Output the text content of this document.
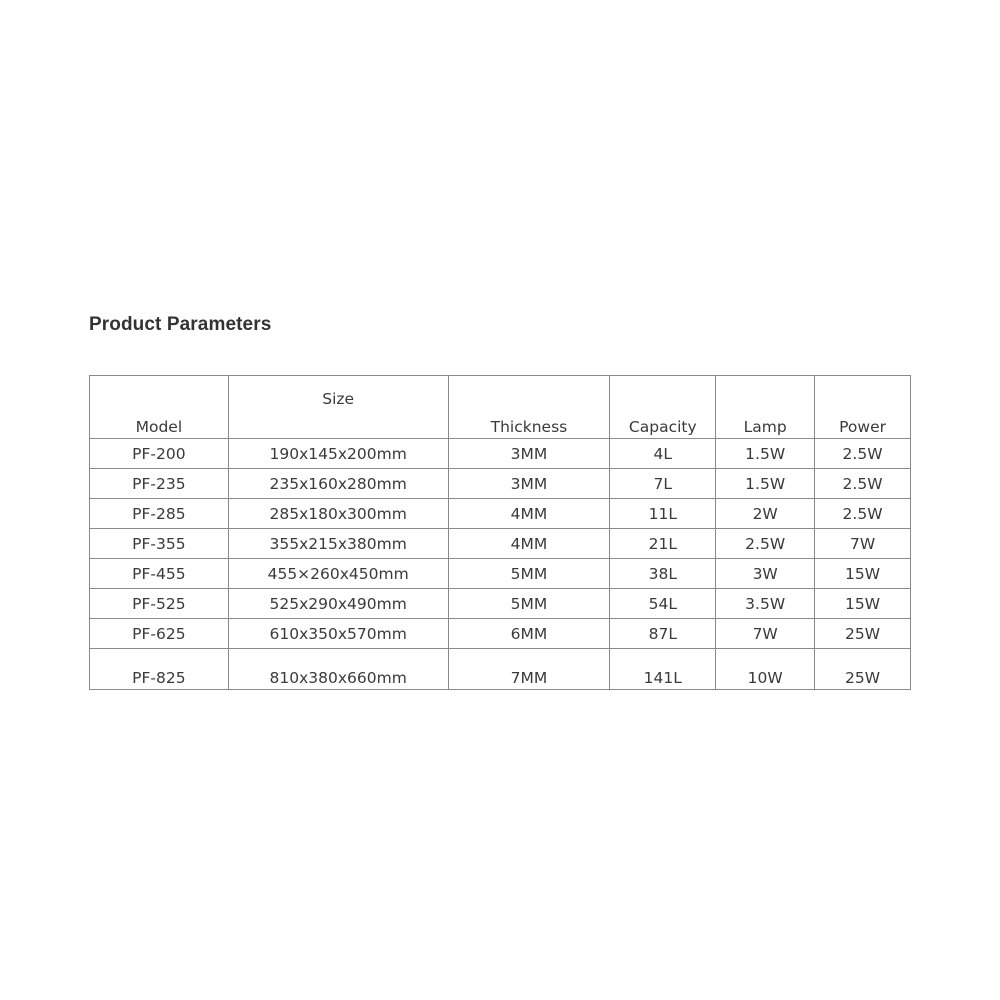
Product Parameters
Model	Size	Thickness	Capacity	Lamp	Power
PF-200	190x145x200mm	3MM	4L	1.5W	2.5W
PF-235	235x160x280mm	3MM	7L	1.5W	2.5W
PF-285	285x180x300mm	4MM	11L	2W	2.5W
PF-355	355x215x380mm	4MM	21L	2.5W	7W
PF-455	455×260x450mm	5MM	38L	3W	15W
PF-525	525x290x490mm	5MM	54L	3.5W	15W
PF-625	610x350x570mm	6MM	87L	7W	25W
PF-825	810x380x660mm	7MM	141L	10W	25W
